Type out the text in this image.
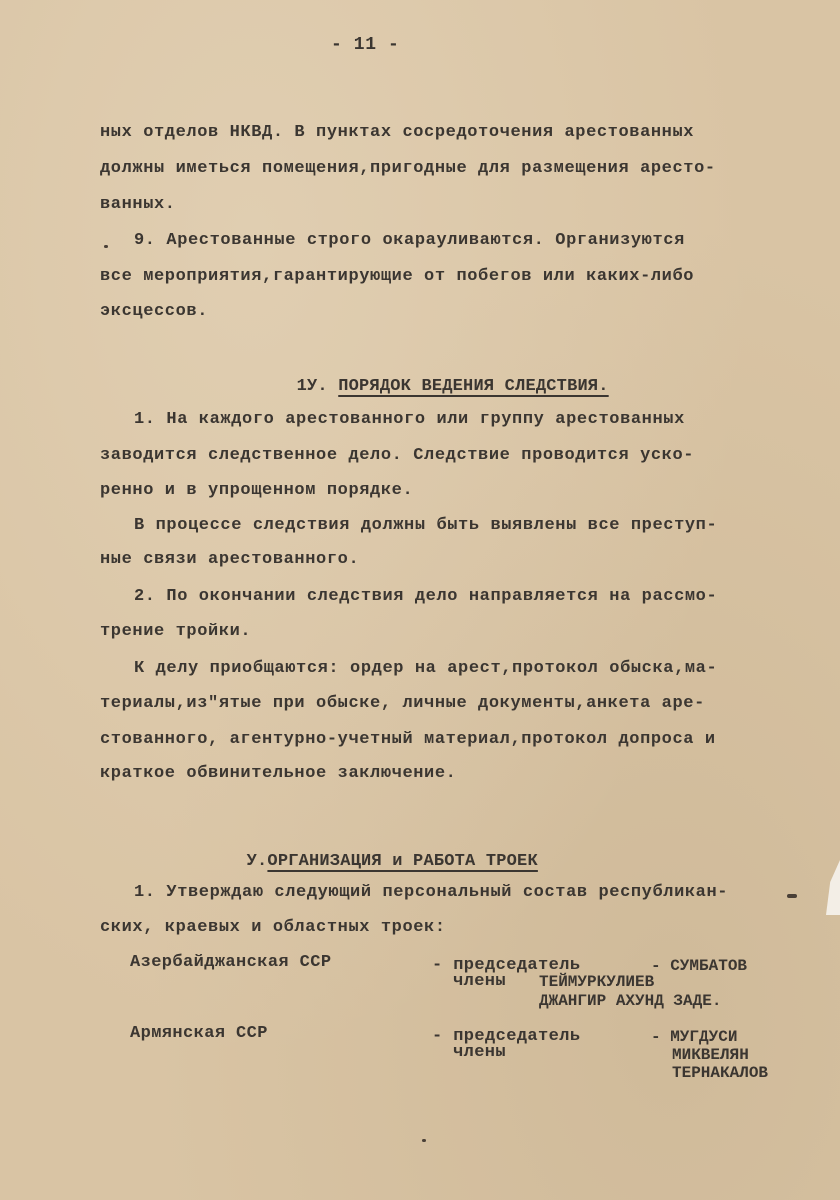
- 11 -
ных отделов НКВД. В пунктах сосредоточения арестованных
должны иметься помещения,пригодные для размещения аресто-
ванных.
9. Арестованные строго окарауливаются. Организуются
все мероприятия,гарантирующие от побегов или каких-либо
эксцессов.

1У. ПОРЯДОК ВЕДЕНИЯ СЛЕДСТВИЯ.

1. На каждого арестованного или группу арестованных
заводится следственное дело. Следствие проводится уско-
ренно и в упрощенном порядке.
В процессе следствия должны быть выявлены все преступ-
ные связи арестованного.
2. По окончании следствия дело направляется на рассмо-
трение тройки.
К делу приобщаются: ордер на арест,протокол обыска,ма-
териалы,из"ятые при обыске, личные документы,анкета аре-
стованного, агентурно-учетный материал,протокол допроса и
краткое обвинительное заключение.

У.ОРГАНИЗАЦИЯ и РАБОТА ТРОЕК

1. Утверждаю следующий персональный состав республикан-
ских, краевых и областных троек:
Азербайджанская ССР	- председатель	- СУМБАТОВ
члены ТЕЙМУРКУЛИЕВ
ДЖАНГИР АХУНД ЗАДЕ.
Армянская ССР	- председатель	- МУГДУСИ
члены	МИКВЕЛЯН
ТЕРНАКАЛОВ
